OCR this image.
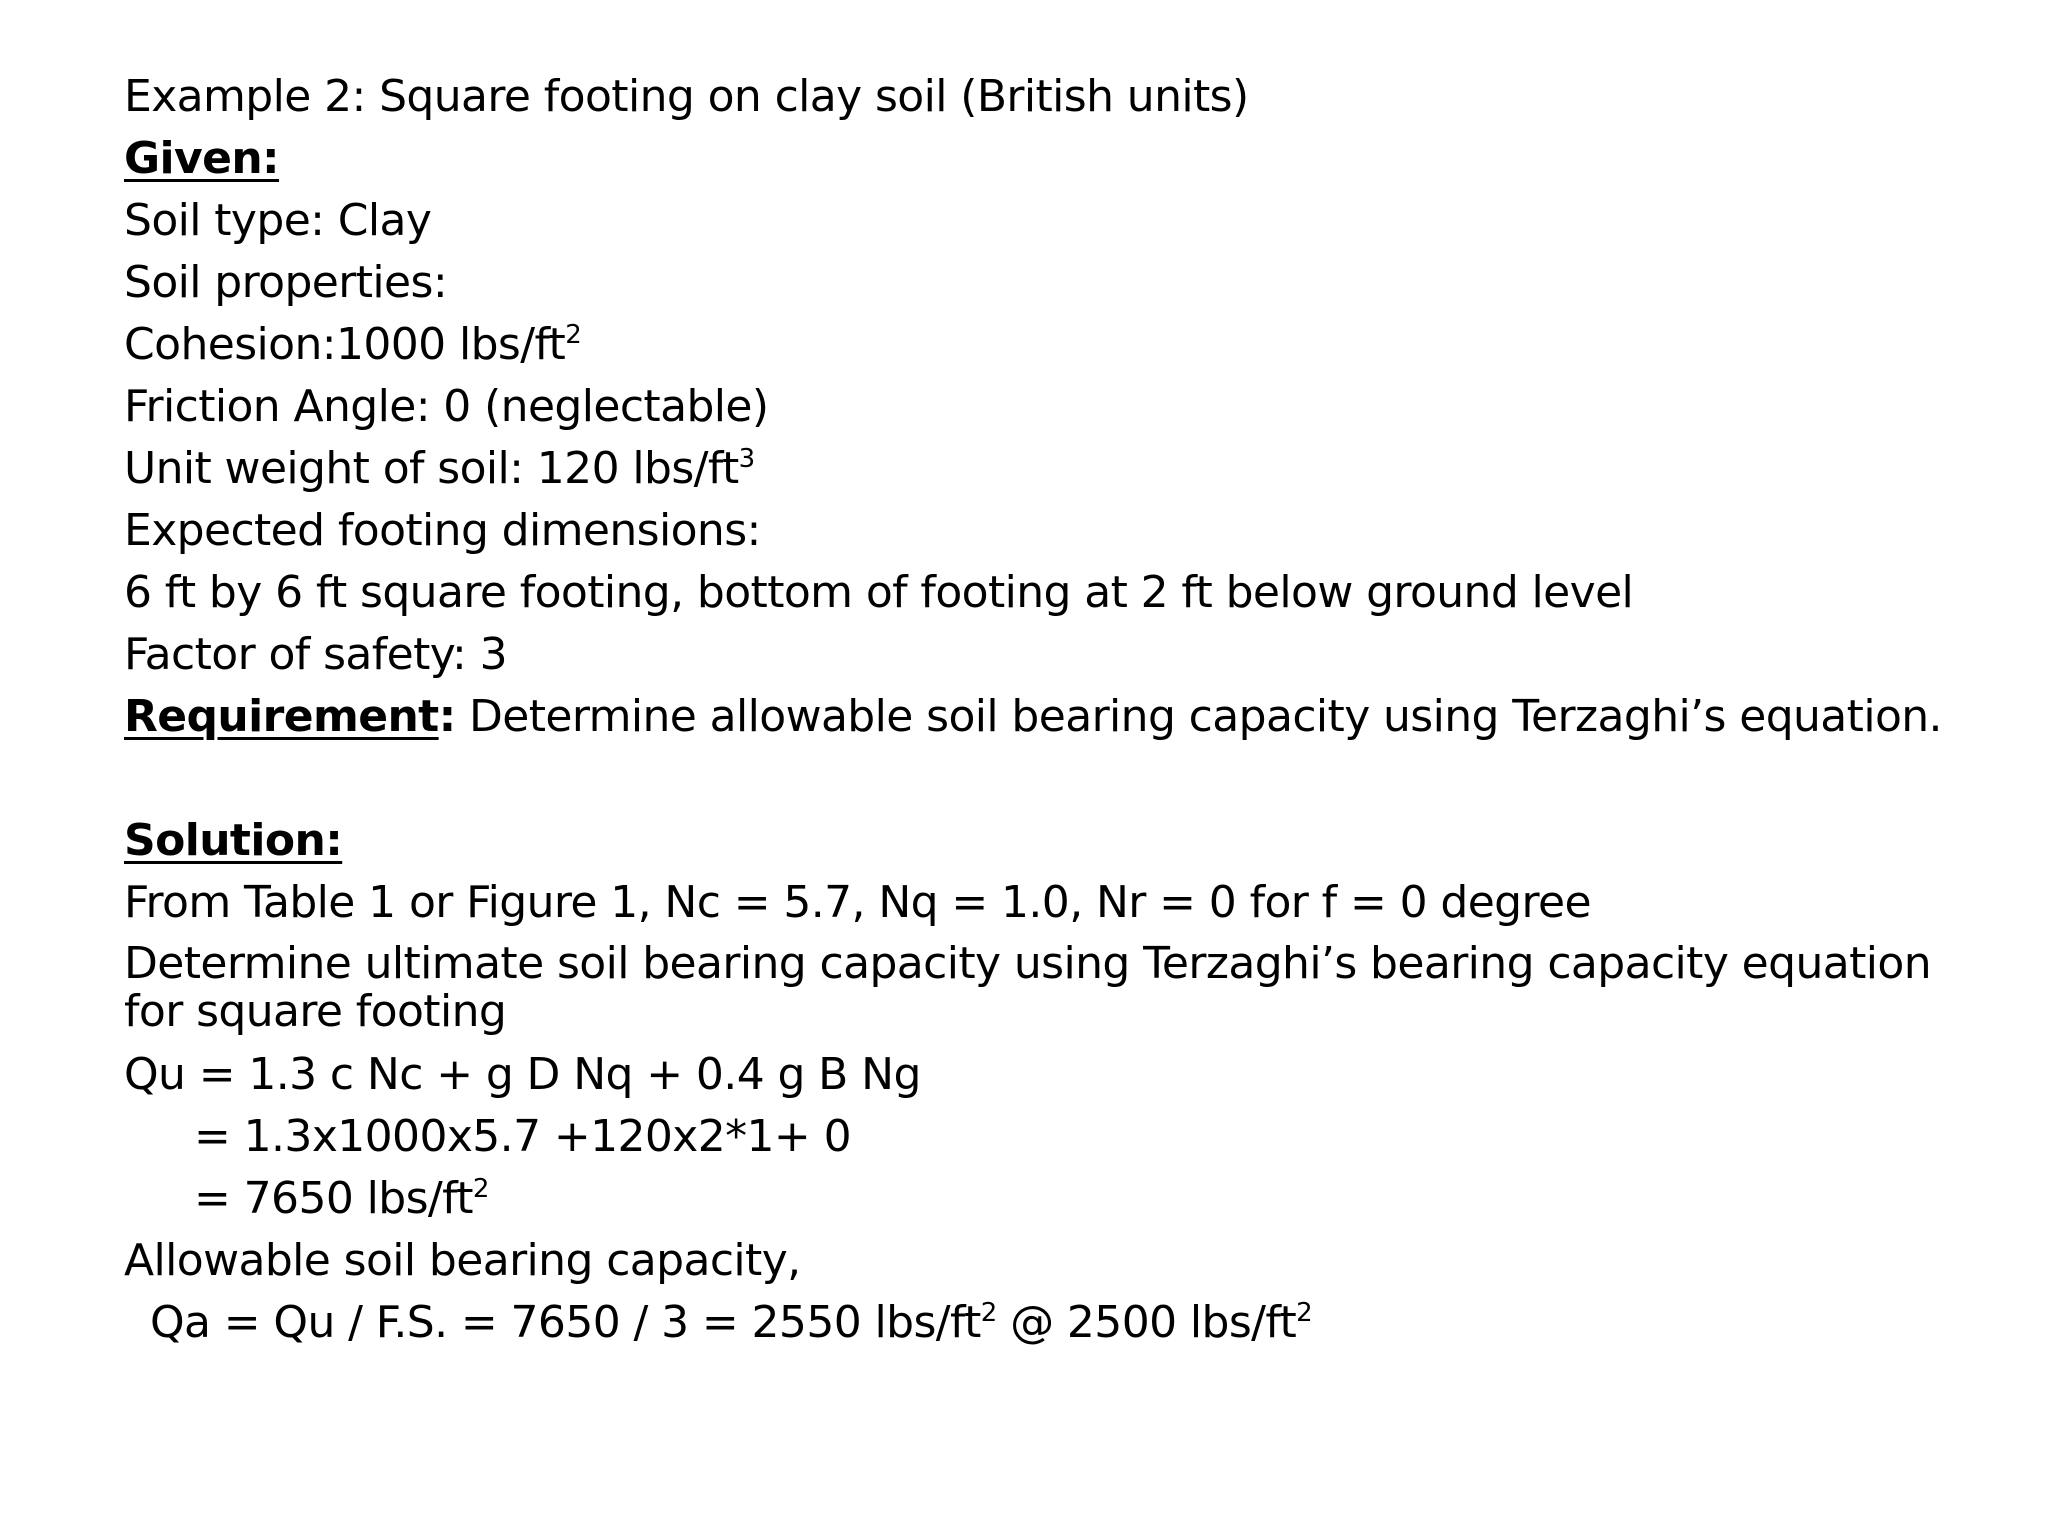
Example 2: Square footing on clay soil (British units)
Given:
Soil type: Clay
Soil properties:
Cohesion:1000 lbs/$ft^2$
Friction Angle: 0 (neglectable)
Unit weight of soil: 120 lbs/$ft^3$
Expected footing dimensions:
6 ft by 6 ft square footing, bottom of footing at 2 ft below ground level
Factor of safety: 3
Requirement: Determine allowable soil bearing capacity using Terzaghi’s equation.
Solution:
From Table 1 or Figure 1, Nc = 5.7, Nq = 1.0, Nr = 0 for f = 0 degree
Determine ultimate soil bearing capacity using Terzaghi’s bearing capacity equation for square footing
Qu = 1.3 c Nc + g D Nq + 0.4 g B Ng
= 1.3x1000x5.7 +120x2*1+ 0
= 7650 lbs/$ft^2$
Allowable soil bearing capacity,
Qa = Qu / F.S. = 7650 / 3 = 2550 lbs/$ft^2$ @ 2500 lbs/$ft^2$
